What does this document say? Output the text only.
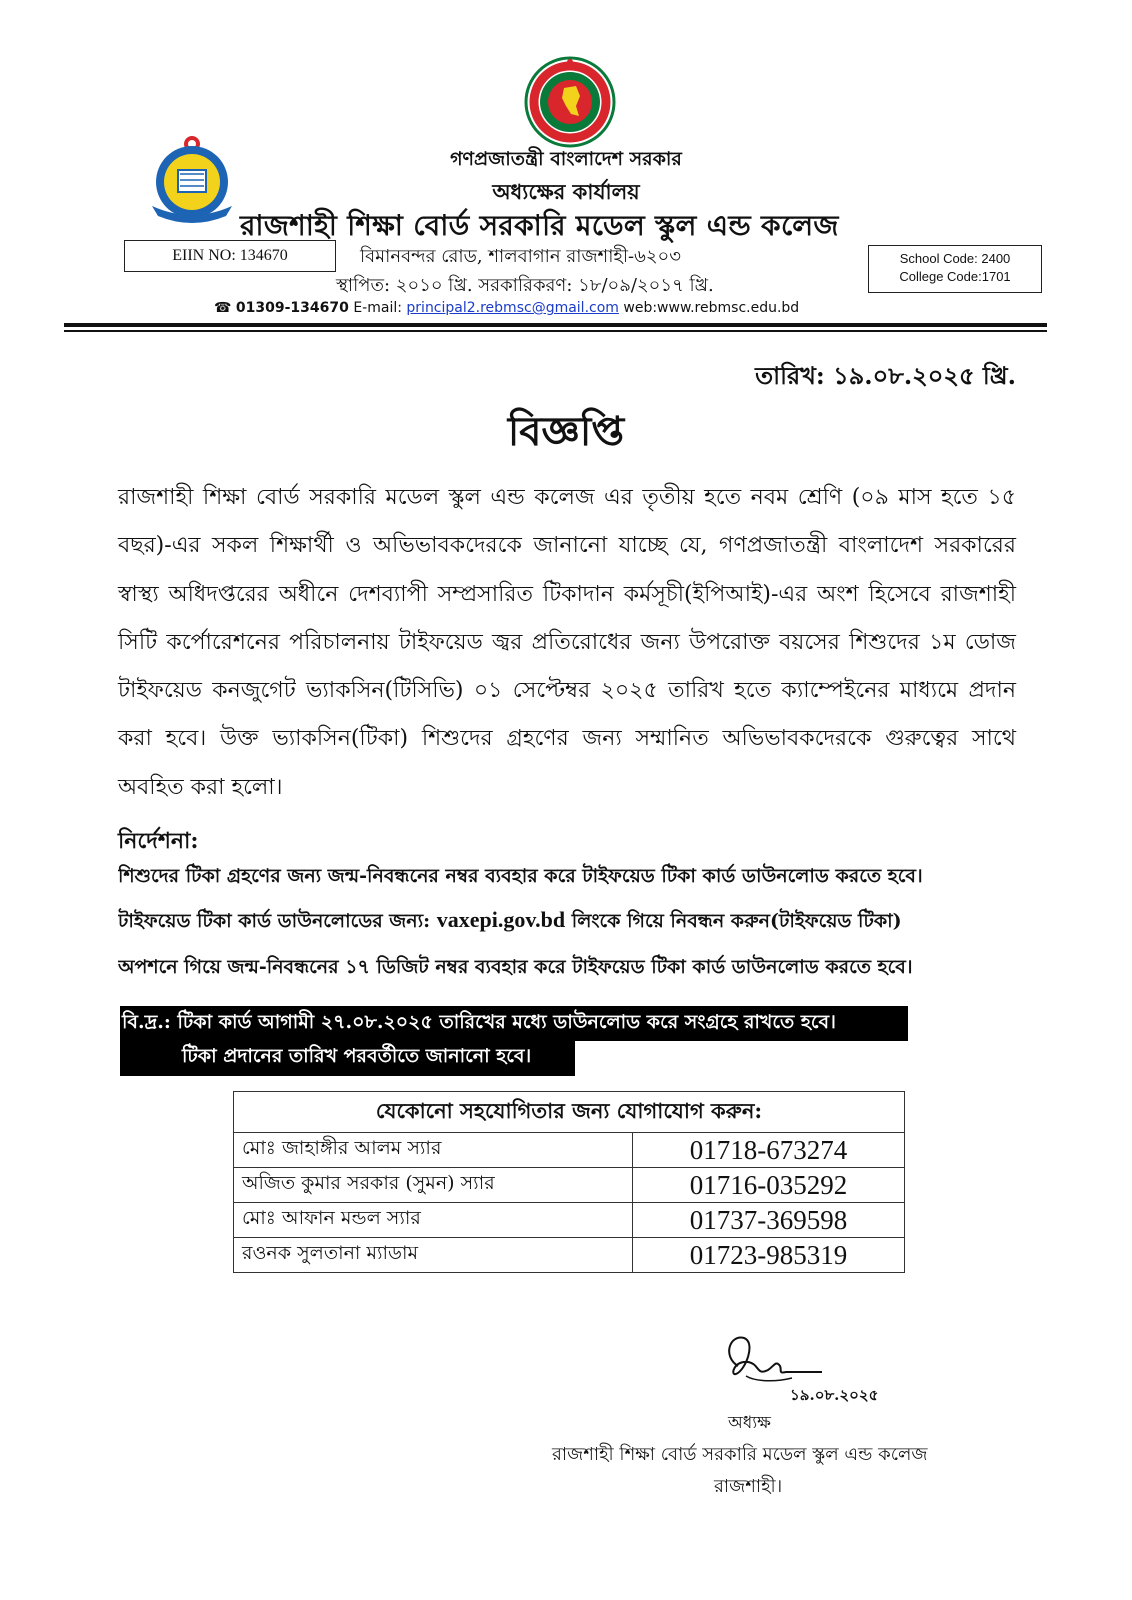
গণপ্রজাতন্ত্রী বাংলাদেশ সরকার
অধ্যক্ষের কার্যালয়
রাজশাহী শিক্ষা বোর্ড সরকারি মডেল স্কুল এন্ড কলেজ
EIIN NO: 134670	বিমানবন্দর রোড, শালবাগান রাজশাহী-৬২০৩
স্থাপিত: ২০১০ খ্রি. সরকারিকরণ: ১৮/০৯/২০১৭ খ্রি.
School Code: 2400
College Code:1701
☎ 01309-134670 E-mail: principal2.rebmsc@gmail.com web:www.rebmsc.edu.bd
তারিখ: ১৯.০৮.২০২৫ খ্রি.
বিজ্ঞপ্তি
রাজশাহী শিক্ষা বোর্ড সরকারি মডেল স্কুল এন্ড কলেজ এর তৃতীয় হতে নবম শ্রেণি (০৯ মাস হতে ১৫ বছর)-এর সকল শিক্ষার্থী ও অভিভাবকদেরকে জানানো যাচ্ছে যে, গণপ্রজাতন্ত্রী বাংলাদেশ সরকারের স্বাস্থ্য অধিদপ্তরের অধীনে দেশব্যাপী সম্প্রসারিত টিকাদান কর্মসূচী(ইপিআই)-এর অংশ হিসেবে রাজশাহী সিটি কর্পোরেশনের পরিচালনায় টাইফয়েড জ্বর প্রতিরোধের জন্য উপরোক্ত বয়সের শিশুদের ১ম ডোজ টাইফয়েড কনজুগেট ভ্যাকসিন(টিসিভি) ০১ সেপ্টেম্বর ২০২৫ তারিখ হতে ক্যাম্পেইনের মাধ্যমে প্রদান করা হবে। উক্ত ভ্যাকসিন(টিকা) শিশুদের গ্রহণের জন্য সম্মানিত অভিভাবকদেরকে গুরুত্বের সাথে অবহিত করা হলো।
নির্দেশনা:
শিশুদের টিকা গ্রহণের জন্য জন্ম-নিবন্ধনের নম্বর ব্যবহার করে টাইফয়েড টিকা কার্ড ডাউনলোড করতে হবে।
টাইফয়েড টিকা কার্ড ডাউনলোডের জন্য: vaxepi.gov.bd লিংকে গিয়ে নিবন্ধন করুন(টাইফয়েড টিকা)
অপশনে গিয়ে জন্ম-নিবন্ধনের ১৭ ডিজিট নম্বর ব্যবহার করে টাইফয়েড টিকা কার্ড ডাউনলোড করতে হবে।
বি.দ্র.: টিকা কার্ড আগামী ২৭.০৮.২০২৫ তারিখের মধ্যে ডাউনলোড করে সংগ্রহে রাখতে হবে।
টিকা প্রদানের তারিখ পরবর্তীতে জানানো হবে।
যেকোনো সহযোগিতার জন্য যোগাযোগ করুন:	
মোঃ জাহাঙ্গীর আলম স্যার	01718-673274
অজিত কুমার সরকার (সুমন) স্যার	01716-035292
মোঃ আফান মন্ডল স্যার	01737-369598
রওনক সুলতানা ম্যাডাম	01723-985319
১৯.০৮.২০২৫
অধ্যক্ষ
রাজশাহী শিক্ষা বোর্ড সরকারি মডেল স্কুল এন্ড কলেজ
রাজশাহী।
